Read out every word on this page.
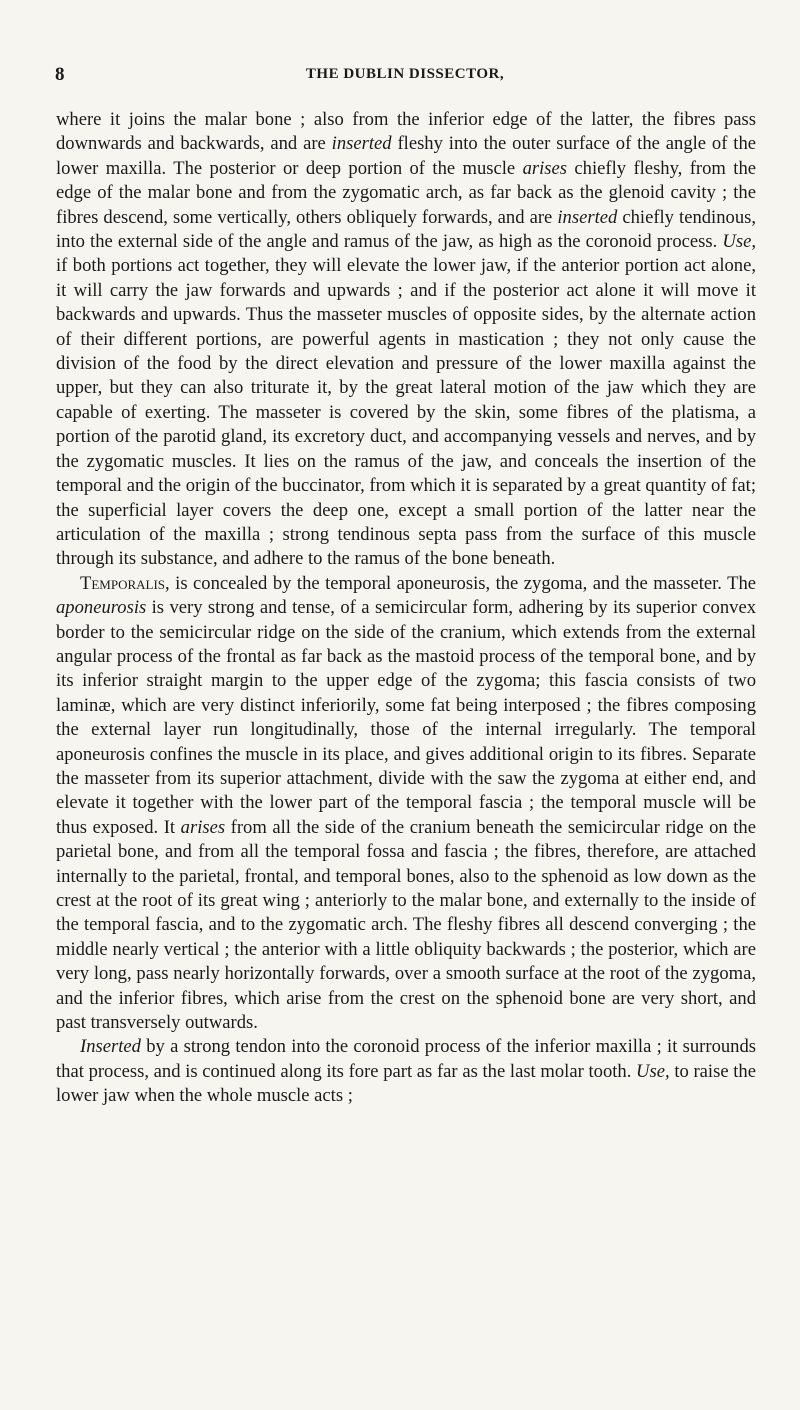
8	THE DUBLIN DISSECTOR,

where it joins the malar bone ; also from the inferior edge of the latter, the fibres pass downwards and backwards, and are inserted fleshy into the outer surface of the angle of the lower maxilla. The posterior or deep portion of the muscle arises chiefly fleshy, from the edge of the malar bone and from the zygomatic arch, as far back as the glenoid cavity ; the fibres descend, some vertically, others obliquely forwards, and are inserted chiefly tendinous, into the external side of the angle and ramus of the jaw, as high as the coronoid process. Use, if both portions act together, they will elevate the lower jaw, if the anterior portion act alone, it will carry the jaw forwards and upwards ; and if the posterior act alone it will move it backwards and upwards. Thus the masseter muscles of opposite sides, by the alternate action of their different portions, are powerful agents in mastication ; they not only cause the division of the food by the direct elevation and pressure of the lower maxilla against the upper, but they can also triturate it, by the great lateral motion of the jaw which they are capable of exerting. The masseter is covered by the skin, some fibres of the platisma, a portion of the parotid gland, its excretory duct, and accompanying vessels and nerves, and by the zygomatic muscles. It lies on the ramus of the jaw, and conceals the insertion of the temporal and the origin of the buccinator, from which it is separated by a great quantity of fat; the superficial layer covers the deep one, except a small portion of the latter near the articulation of the maxilla ; strong tendinous septa pass from the surface of this muscle through its substance, and adhere to the ramus of the bone beneath.

Temporalis, is concealed by the temporal aponeurosis, the zygoma, and the masseter. The aponeurosis is very strong and tense, of a semicircular form, adhering by its superior convex border to the semicircular ridge on the side of the cranium, which extends from the external angular process of the frontal as far back as the mastoid process of the temporal bone, and by its inferior straight margin to the upper edge of the zygoma; this fascia consists of two laminæ, which are very distinct inferiorily, some fat being interposed ; the fibres composing the external layer run longitudinally, those of the internal irregularly. The temporal aponeurosis confines the muscle in its place, and gives additional origin to its fibres. Separate the masseter from its superior attachment, divide with the saw the zygoma at either end, and elevate it together with the lower part of the temporal fascia ; the temporal muscle will be thus exposed. It arises from all the side of the cranium beneath the semicircular ridge on the parietal bone, and from all the temporal fossa and fascia ; the fibres, therefore, are attached internally to the parietal, frontal, and temporal bones, also to the sphenoid as low down as the crest at the root of its great wing ; anteriorly to the malar bone, and externally to the inside of the temporal fascia, and to the zygomatic arch. The fleshy fibres all descend converging ; the middle nearly vertical ; the anterior with a little obliquity backwards ; the posterior, which are very long, pass nearly horizontally forwards, over a smooth surface at the root of the zygoma, and the inferior fibres, which arise from the crest on the sphenoid bone are very short, and past transversely outwards.

Inserted by a strong tendon into the coronoid process of the inferior maxilla ; it surrounds that process, and is continued along its fore part as far as the last molar tooth. Use, to raise the lower jaw when the whole muscle acts ;
